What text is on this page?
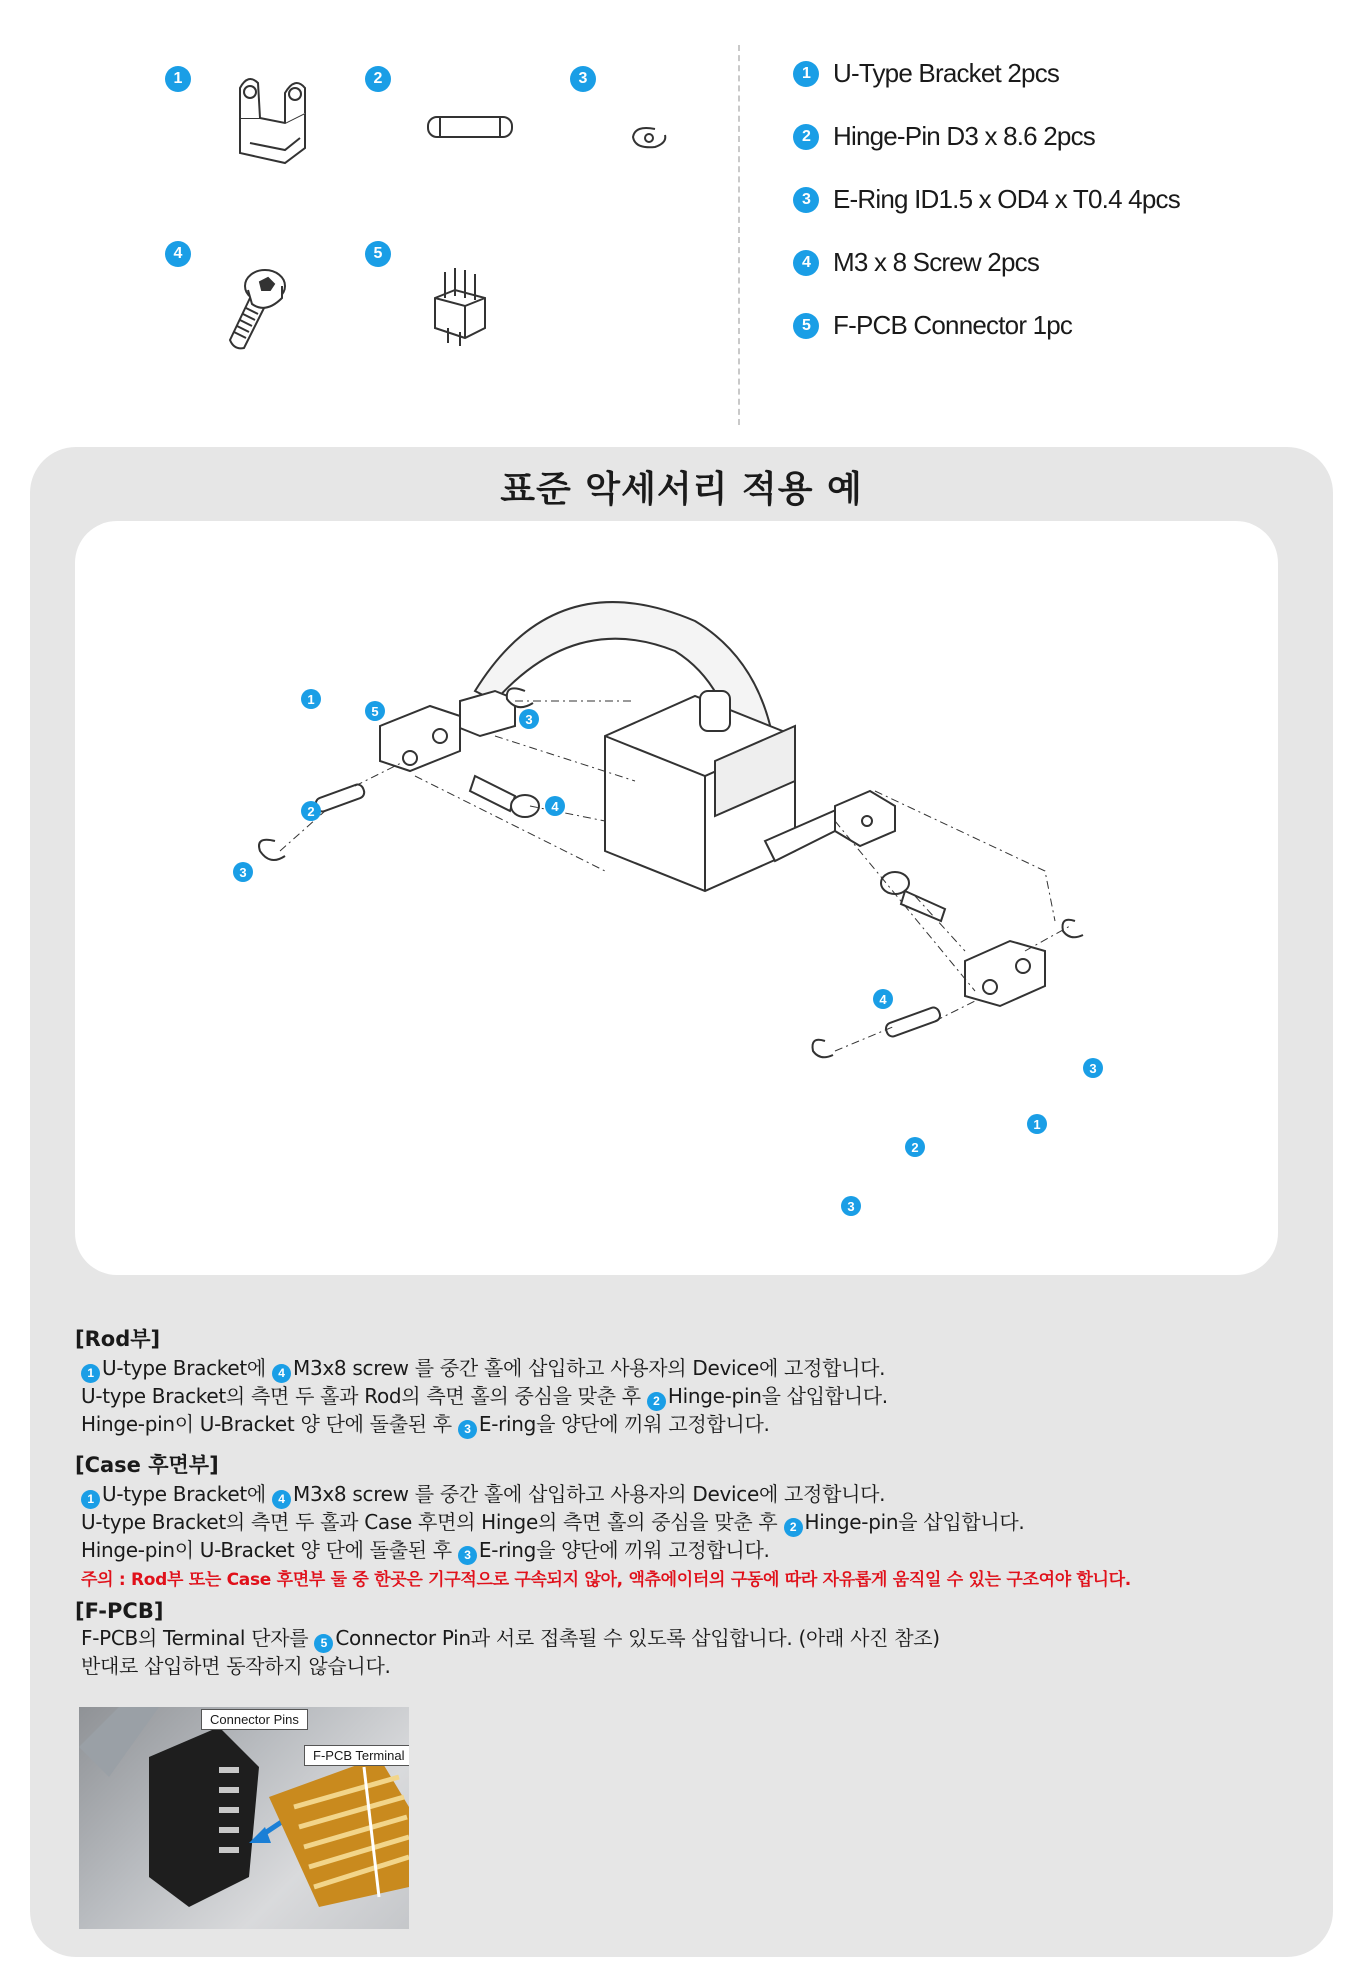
1	2	3
4	5
1 U-Type Bracket 2pcs
2 Hinge-Pin D3 x 8.6 2pcs
3 E-Ring ID1.5 x OD4 x T0.4 4pcs
4 M3 x 8 Screw 2pcs
5 F-PCB Connector 1pc
표준 악세서리 적용 예
1
5
3
4
2
3
4
3
1
2
3
[Rod부]
1 U-type Bracket에 4 M3x8 screw 를 중간 홀에 삽입하고 사용자의 Device에 고정합니다.
U-type Bracket의 측면 두 홀과 Rod의 측면 홀의 중심을 맞춘 후 2 Hinge-pin을 삽입합니다.
Hinge-pin이 U-Bracket 양 단에 돌출된 후 3 E-ring을 양단에 끼워 고정합니다.
[Case 후면부]
1 U-type Bracket에 4 M3x8 screw 를 중간 홀에 삽입하고 사용자의 Device에 고정합니다.
U-type Bracket의 측면 두 홀과 Case 후면의 Hinge의 측면 홀의 중심을 맞춘 후 2 Hinge-pin을 삽입합니다.
Hinge-pin이 U-Bracket 양 단에 돌출된 후 3 E-ring을 양단에 끼워 고정합니다.
주의 : Rod부 또는 Case 후면부 둘 중 한곳은 기구적으로 구속되지 않아, 액츄에이터의 구동에 따라 자유롭게 움직일 수 있는 구조여야 합니다.
[F-PCB]
F-PCB의 Terminal 단자를 5 Connector Pin과 서로 접촉될 수 있도록 삽입합니다. (아래 사진 참조)
반대로 삽입하면 동작하지 않습니다.
Connector Pins
F-PCB Terminal
